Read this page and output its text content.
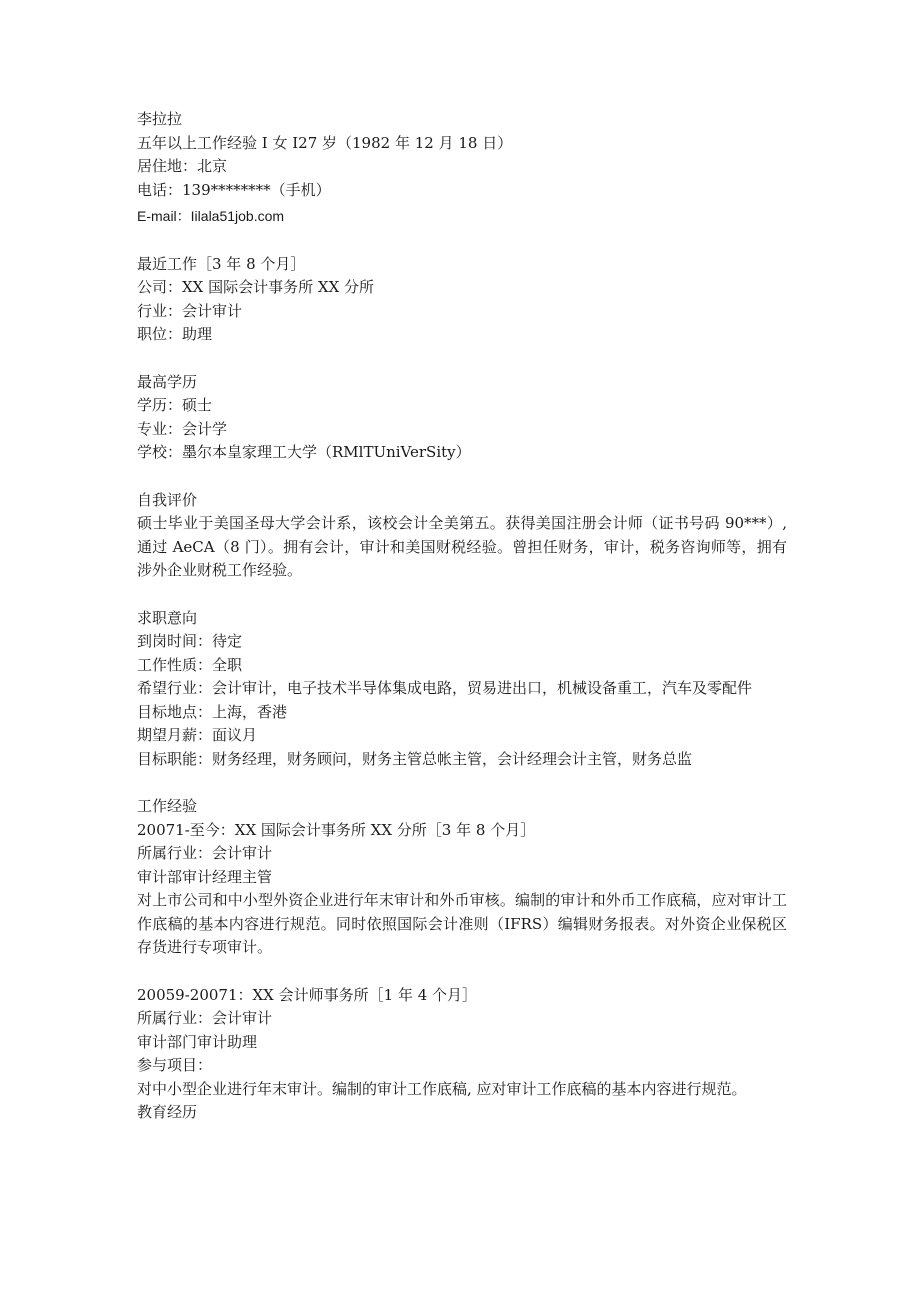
李拉拉
五年以上工作经验 I 女 I27 岁（1982 年 12 月 18 日）
居住地：北京
电话：139********（手机）
E-mail：Iilala51job.com
最近工作［3 年 8 个月］
公司：XX 国际会计事务所 XX 分所
行业：会计审计
职位：助理
最高学历
学历：硕士
专业：会计学
学校：墨尔本皇家理工大学（RMlTUniVerSity）
自我评价
硕士毕业于美国圣母大学会计系，该校会计全美第五。获得美国注册会计师（证书号码 90***）,通过 AeCA（8 门）。拥有会计，审计和美国财税经验。曾担任财务，审计，税务咨询师等，拥有涉外企业财税工作经验。
求职意向
到岗时间：待定
工作性质：全职
希望行业：会计审计，电子技术半导体集成电路，贸易进出口，机械设备重工，汽车及零配件
目标地点：上海，香港
期望月薪：面议月
目标职能：财务经理，财务顾问，财务主管总帐主管，会计经理会计主管，财务总监
工作经验
20071-至今：XX 国际会计事务所 XX 分所［3 年 8 个月］
所属行业：会计审计
审计部审计经理主管
对上市公司和中小型外资企业进行年末审计和外币审核。编制的审计和外币工作底稿，应对审计工作底稿的基本内容进行规范。同时依照国际会计准则（IFRS）编辑财务报表。对外资企业保税区存货进行专项审计。
20059-20071：XX 会计师事务所［1 年 4 个月］
所属行业：会计审计
审计部门审计助理
参与项目：
对中小型企业进行年末审计。编制的审计工作底稿, 应对审计工作底稿的基本内容进行规范。
教育经历
